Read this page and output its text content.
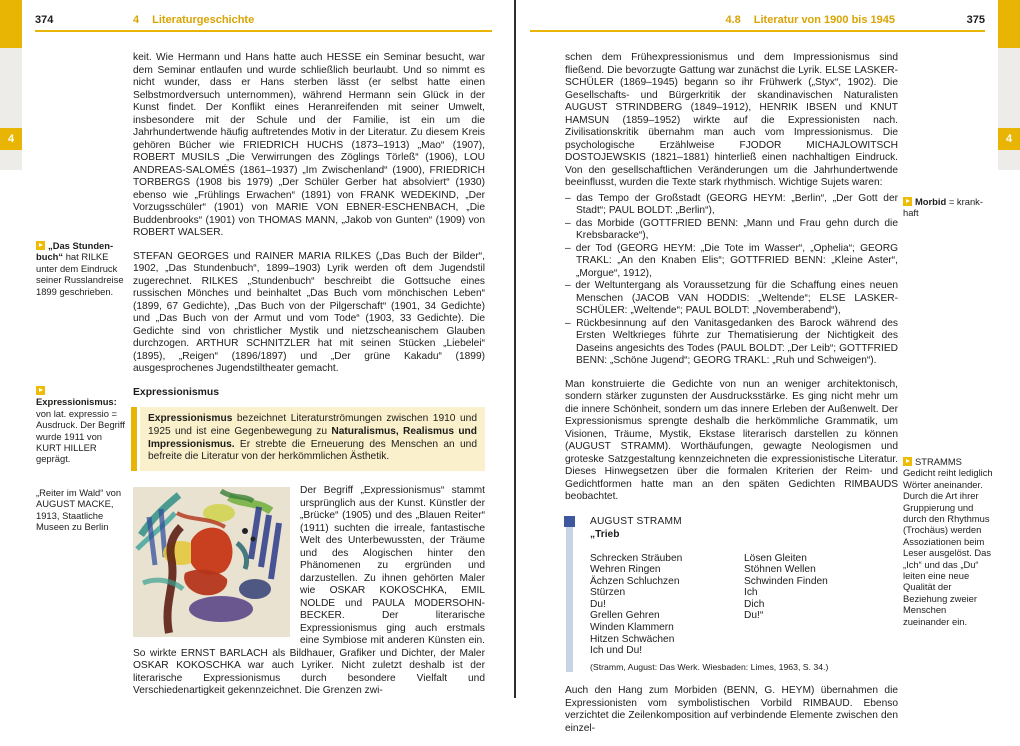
4
374	4 Literaturgeschichte
„Das Stundenbuch“ hat RILKE unter dem Eindruck seiner Russlandreise 1899 geschrieben.
Expressionismus: von lat. expressio = Ausdruck. Der Begriff wurde 1911 von KURT HILLER geprägt.
„Reiter im Wald“ von AUGUST MACKE, 1913, Staatliche Museen zu Berlin

keit. Wie Hermann und Hans hatte auch HESSE ein Seminar besucht, war dem Seminar entlaufen und wurde schließlich beurlaubt. Und so nimmt es nicht wunder, dass er Hans sterben lässt (er selbst hatte einen Selbstmordversuch unternommen), während Hermann sein Glück in der Kunst findet. Der Konflikt eines Heranreifenden mit seiner Umwelt, insbesondere mit der Schule und der Familie, ist ein um die Jahrhundertwende häufig auftretendes Motiv in der Literatur. Zu diesem Kreis gehören Bücher wie FRIEDRICH HUCHS (1873–1913) „Mao“ (1907), ROBERT MUSILS „Die Verwirrungen des Zöglings Törleß“ (1906), LOU ANDREAS-SALOMÉS (1861–1937) „Im Zwischenland“ (1900), FRIEDRICH TORBERGS (1908 bis 1979) „Der Schüler Gerber hat absolviert“ (1930) ebenso wie „Frühlings Erwachen“ (1891) von FRANK WEDEKIND, „Der Vorzugsschüler“ (1901) von MARIE VON EBNER-ESCHENBACH, „Die Buddenbrooks“ (1901) von THOMAS MANN, „Jakob von Gunten“ (1909) von ROBERT WALSER.

STEFAN GEORGES und RAINER MARIA RILKES („Das Buch der Bilder“, 1902, „Das Stundenbuch“, 1899–1903) Lyrik werden oft dem Jugendstil zugerechnet. RILKES „Stundenbuch“ beschreibt die Gottsuche eines russischen Mönches und beinhaltet „Das Buch vom mönchischen Leben“ (1899, 67 Gedichte), „Das Buch von der Pilgerschaft“ (1901, 34 Gedichte) und „Das Buch von der Armut und vom Tode“ (1903, 33 Gedichte). Die Gedichte sind von christlicher Mystik und nietzscheanischem Glauben durchzogen. ARTHUR SCHNITZLER hat mit seinen Stücken „Liebelei“ (1895), „Reigen“ (1896/1897) und „Der grüne Kakadu“ (1899) ausgesprochenes Jugendstiltheater gemacht.

Expressionismus
Expressionismus bezeichnet Literaturströmungen zwischen 1910 und 1925 und ist eine Gegenbewegung zu Naturalismus, Realismus und Impressionismus. Er strebte die Erneuerung des Menschen an und befreite die Literatur von der herkömmlichen Ästhetik.

Der Begriff „Expressionismus“ stammt ursprünglich aus der Kunst. Künstler der „Brücke“ (1905) und des „Blauen Reiter“ (1911) suchten die irreale, fantastische Welt des Unterbewussten, der Träume und des Alogischen hinter den Phänomenen zu ergründen und darzustellen. Zu ihnen gehörten Maler wie OSKAR KOKOSCHKA, EMIL NOLDE und PAULA MODERSOHN-BECKER. Der literarische Expressionismus ging auch erstmals eine Symbiose mit anderen Künsten ein. So wirkte ERNST BARLACH als Bildhauer, Grafiker und Dichter, der Maler OSKAR KOKOSCHKA war auch Lyriker. Nicht zuletzt deshalb ist der literarische Expressionismus durch besondere Vielfalt und Verschiedenartigkeit gekennzeichnet. Die Grenzen zwi-

4
4.8 Literatur von 1900 bis 1945	375
Morbid = krankhaft
STRAMMS Gedicht reiht lediglich Wörter aneinander. Durch die Art ihrer Gruppierung und durch den Rhythmus (Trochäus) werden Assoziationen beim Leser ausgelöst. Das „Ich“ und das „Du“ leiten eine neue Qualität der Beziehung zweier Menschen zueinander ein.

schen dem Frühexpressionismus und dem Impressionismus sind fließend. Die bevorzugte Gattung war zunächst die Lyrik. ELSE LASKER-SCHÜLER (1869–1945) begann so ihr Frühwerk („Styx“, 1902). Die Gesellschafts- und Bürgerkritik der skandinavischen Naturalisten AUGUST STRINDBERG (1849–1912), HENRIK IBSEN und KNUT HAMSUN (1859–1952) wirkte auf die Expressionisten nach. Zivilisationskritik übernahm man auch vom Impressionismus. Die psychologische Erzählweise FJODOR MICHAJLOWITSCH DOSTOJEWSKIS (1821–1881) hinterließ einen nachhaltigen Eindruck. Von den gesellschaftlichen Veränderungen um die Jahrhundertwende beeinflusst, wurden die Texte stark rhythmisch. Wichtige Sujets waren:

– das Tempo der Großstadt (GEORG HEYM: „Berlin“, „Der Gott der Stadt“; PAUL BOLDT: „Berlin“),
– das Morbide (GOTTFRIED BENN: „Mann und Frau gehn durch die Krebsbaracke“),
– der Tod (GEORG HEYM: „Die Tote im Wasser“, „Ophelia“; GEORG TRAKL: „An den Knaben Elis“; GOTTFRIED BENN: „Kleine Aster“, „Morgue“, 1912),
– der Weltuntergang als Voraussetzung für die Schaffung eines neuen Menschen (JACOB VAN HODDIS: „Weltende“; ELSE LASKER-SCHÜLER: „Weltende“; PAUL BOLDT: „Novemberabend“),
– Rückbesinnung auf den Vanitasgedanken des Barock während des Ersten Weltkrieges führte zur Thematisierung der Nichtigkeit des Daseins angesichts des Todes (PAUL BOLDT: „Der Leib“; GOTTFRIED BENN: „Schöne Jugend“; GEORG TRAKL: „Ruh und Schweigen“).

Man konstruierte die Gedichte von nun an weniger architektonisch, sondern stärker zugunsten der Ausdrucksstärke. Es ging nicht mehr um die innere Schönheit, sondern um das innere Erleben der Außenwelt. Der Expressionismus sprengte deshalb die herkömmliche Grammatik, um Visionen, Träume, Mystik, Ekstase literarisch darstellen zu können (AUGUST STRAMM). Worthäufungen, gewagte Neologismen und groteske Satzgestaltung kennzeichneten die expressionistische Literatur. Dieses Hinwegsetzen über die formalen Kriterien der Reim- und Gedichtformen hatte man an den späten Gedichten RIMBAUDS beobachtet.

AUGUST STRAMM
„Trieb
Schrecken Sträuben
Wehren Ringen
Ächzen Schluchzen
Stürzen
Du!
Grellen Gehren
Winden Klammern
Hitzen Schwächen
Ich und Du!
Lösen Gleiten
Stöhnen Wellen
Schwinden Finden
Ich
Dich
Du!“
(Stramm, August: Das Werk. Wiesbaden: Limes, 1963, S. 34.)

Auch den Hang zum Morbiden (BENN, G. HEYM) übernahmen die Expressionisten vom symbolistischen Vorbild RIMBAUD. Ebenso verzichtet die Zeilenkomposition auf verbindende Elemente zwischen den einzel-
